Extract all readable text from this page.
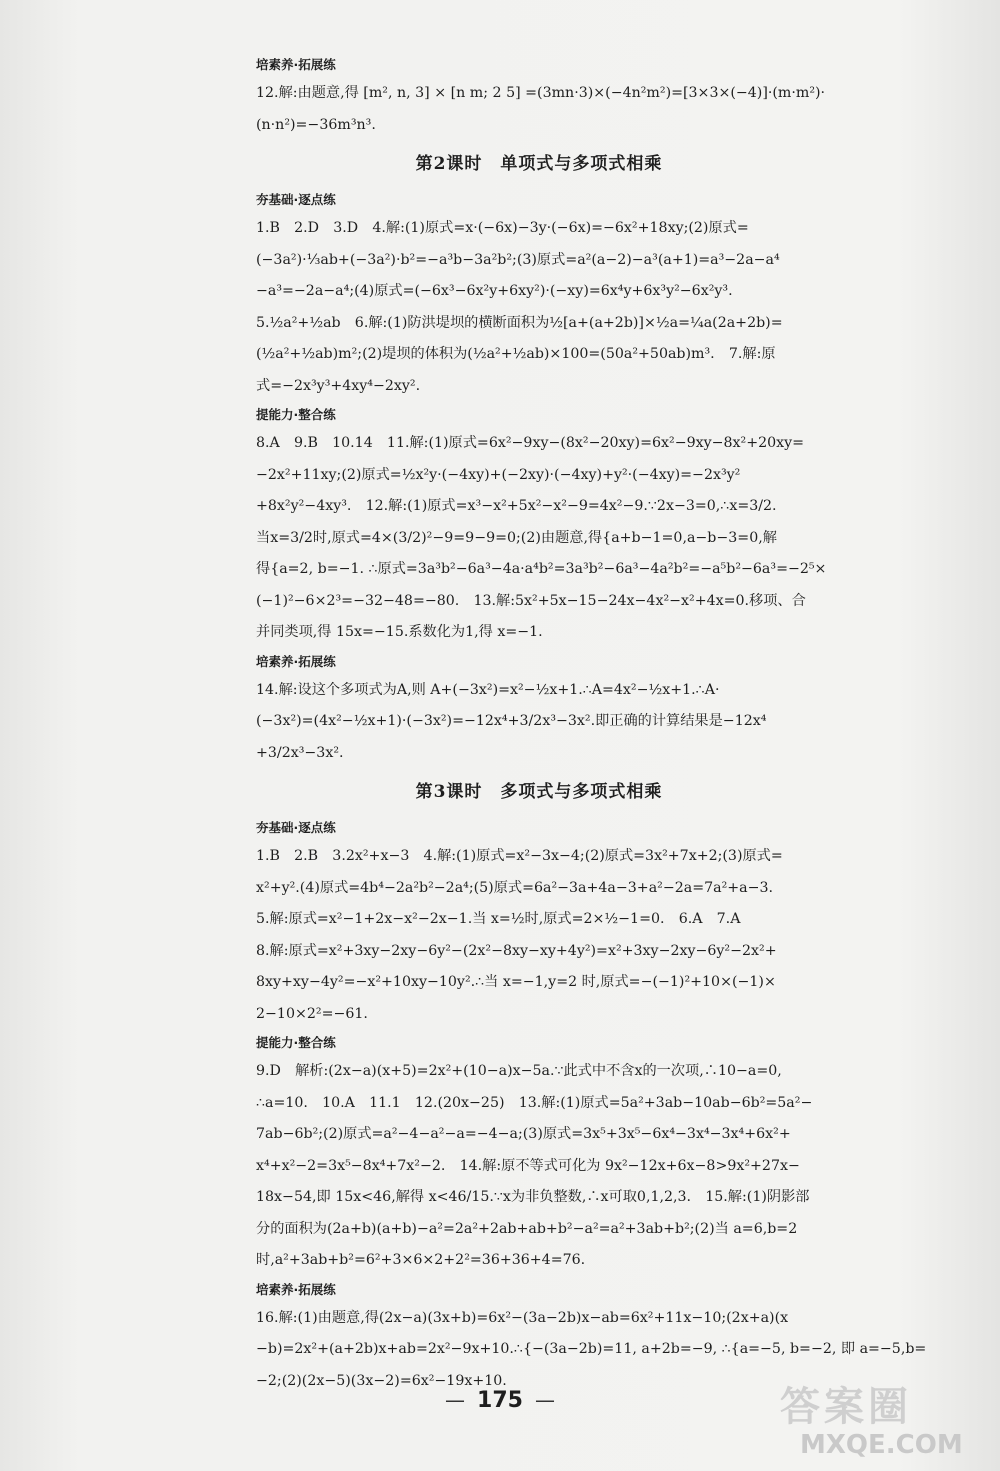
培素养·拓展练
12.解:由题意,得 [m², n, 3] × [n m; 2 5] =(3mn·3)×(−4n²m²)=[3×3×(−4)]·(m·m²)·
(n·n²)=−36m³n³.
第2课时　单项式与多项式相乘
夯基础·逐点练
1.B　2.D　3.D　4.解:(1)原式=x·(−6x)−3y·(−6x)=−6x²+18xy;(2)原式=
(−3a²)·⅓ab+(−3a²)·b²=−a³b−3a²b²;(3)原式=a²(a−2)−a³(a+1)=a³−2a−a⁴
−a³=−2a−a⁴;(4)原式=(−6x³−6x²y+6xy²)·(−xy)=6x⁴y+6x³y²−6x²y³.
5.½a²+½ab　6.解:(1)防洪堤坝的横断面积为½[a+(a+2b)]×½a=¼a(2a+2b)=
(½a²+½ab)m²;(2)堤坝的体积为(½a²+½ab)×100=(50a²+50ab)m³.　7.解:原
式=−2x³y³+4xy⁴−2xy².　
提能力·整合练
8.A　9.B　10.14　11.解:(1)原式=6x²−9xy−(8x²−20xy)=6x²−9xy−8x²+20xy=
−2x²+11xy;(2)原式=½x²y·(−4xy)+(−2xy)·(−4xy)+y²·(−4xy)=−2x³y²
+8x²y²−4xy³.　12.解:(1)原式=x³−x²+5x²−x²−9=4x²−9.∵2x−3=0,∴x=3/2.
当x=3/2时,原式=4×(3/2)²−9=9−9=0;(2)由题意,得{a+b−1=0,a−b−3=0,解
得{a=2, b=−1. ∴原式=3a³b²−6a³−4a·a⁴b²=3a³b²−6a³−4a²b²=−a⁵b²−6a³=−2⁵×
(−1)²−6×2³=−32−48=−80.　13.解:5x²+5x−15−24x−4x²−x²+4x=0.移项、合
并同类项,得 15x=−15.系数化为1,得 x=−1.
培素养·拓展练
14.解:设这个多项式为A,则 A+(−3x²)=x²−½x+1.∴A=4x²−½x+1.∴A·
(−3x²)=(4x²−½x+1)·(−3x²)=−12x⁴+3/2x³−3x².即正确的计算结果是−12x⁴
+3/2x³−3x².
第3课时　多项式与多项式相乘
夯基础·逐点练
1.B　2.B　3.2x²+x−3　4.解:(1)原式=x²−3x−4;(2)原式=3x²+7x+2;(3)原式=
x²+y².(4)原式=4b⁴−2a²b²−2a⁴;(5)原式=6a²−3a+4a−3+a²−2a=7a²+a−3.
5.解:原式=x²−1+2x−x²−2x−1.当 x=½时,原式=2×½−1=0.　6.A　7.A
8.解:原式=x²+3xy−2xy−6y²−(2x²−8xy−xy+4y²)=x²+3xy−2xy−6y²−2x²+
8xy+xy−4y²=−x²+10xy−10y².∴当 x=−1,y=2 时,原式=−(−1)²+10×(−1)×
2−10×2²=−61.
提能力·整合练
9.D　解析:(2x−a)(x+5)=2x²+(10−a)x−5a.∵此式中不含x的一次项,∴10−a=0,
∴a=10.　10.A　11.1　12.(20x−25)　13.解:(1)原式=5a²+3ab−10ab−6b²=5a²−
7ab−6b²;(2)原式=a²−4−a²−a=−4−a;(3)原式=3x⁵+3x⁵−6x⁴−3x⁴−3x⁴+6x²+
x⁴+x²−2=3x⁵−8x⁴+7x²−2.　14.解:原不等式可化为 9x²−12x+6x−8>9x²+27x−
18x−54,即 15x<46,解得 x<46/15.∵x为非负整数,∴x可取0,1,2,3.　15.解:(1)阴影部
分的面积为(2a+b)(a+b)−a²=2a²+2ab+ab+b²−a²=a²+3ab+b²;(2)当 a=6,b=2
时,a²+3ab+b²=6²+3×6×2+2²=36+36+4=76.
培素养·拓展练
16.解:(1)由题意,得(2x−a)(3x+b)=6x²−(3a−2b)x−ab=6x²+11x−10;(2x+a)(x
−b)=2x²+(a+2b)x+ab=2x²−9x+10.∴{−(3a−2b)=11, a+2b=−9, ∴{a=−5, b=−2, 即 a=−5,b=
−2;(2)(2x−5)(3x−2)=6x²−19x+10.
— 175 —	答案圈
MXQE.COM
